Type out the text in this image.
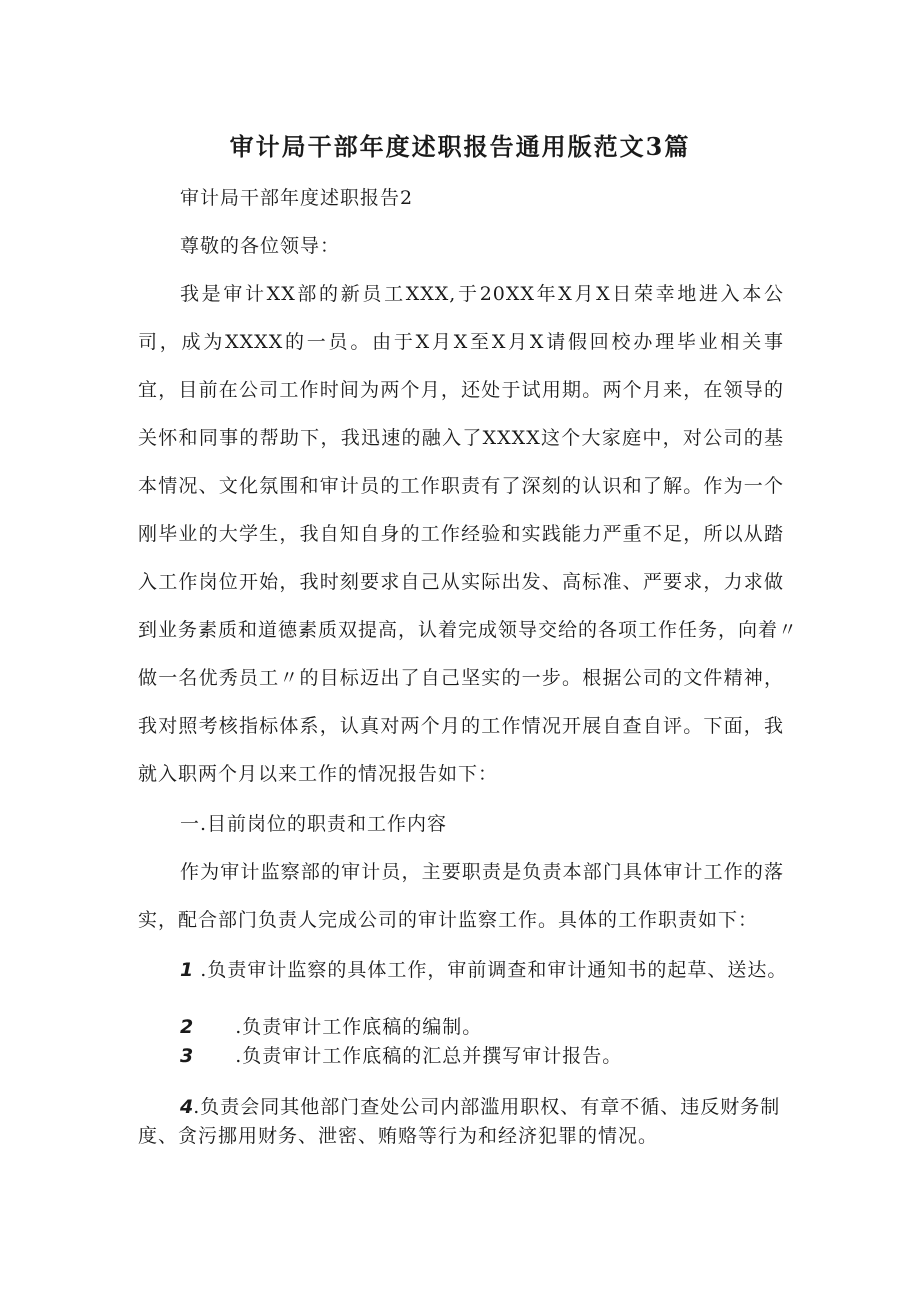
审计局干部年度述职报告通用版范文3篇
审计局干部年度述职报告2
尊敬的各位领导：
我是审计XX部的新员工XXX,于20XX年X月X日荣幸地进入本公
司，成为XXXX的一员。由于X月X至X月X请假回校办理毕业相关事
宜，目前在公司工作时间为两个月，还处于试用期。两个月来，在领导的
关怀和同事的帮助下，我迅速的融入了XXXX这个大家庭中，对公司的基
本情况、文化氛围和审计员的工作职责有了深刻的认识和了解。作为一个
刚毕业的大学生，我自知自身的工作经验和实践能力严重不足，所以从踏
入工作岗位开始，我时刻要求自己从实际出发、高标准、严要求，力求做
到业务素质和道德素质双提高，认着完成领导交给的各项工作任务，向着〃
做一名优秀员工〃的目标迈出了自己坚实的一步。根据公司的文件精神，
我对照考核指标体系，认真对两个月的工作情况开展自查自评。下面，我
就入职两个月以来工作的情况报告如下：
一.目前岗位的职责和工作内容
作为审计监察部的审计员，主要职责是负责本部门具体审计工作的落
实，配合部门负责人完成公司的审计监察工作。具体的工作职责如下：
1 .负责审计监察的具体工作，审前调查和审计通知书的起草、送达。
2 .负责审计工作底稿的编制。
3 .负责审计工作底稿的汇总并撰写审计报告。
4.负责会同其他部门查处公司内部滥用职权、有章不循、违反财务制
度、贪污挪用财务、泄密、贿赂等行为和经济犯罪的情况。
